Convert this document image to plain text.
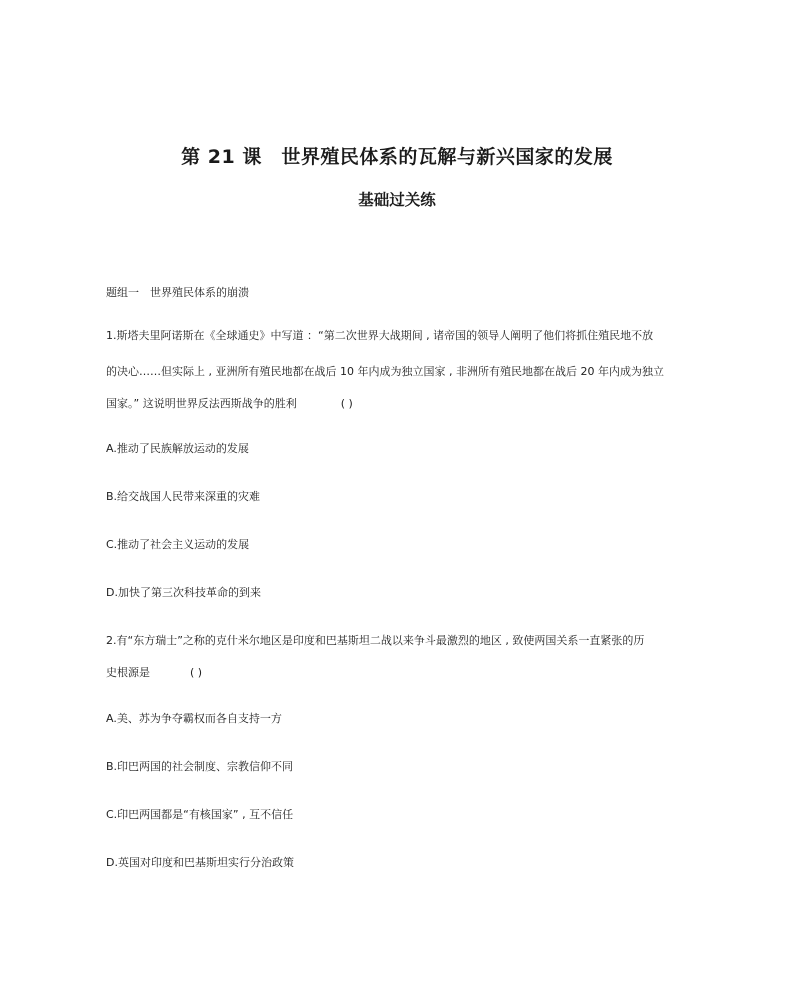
第 21 课　世界殖民体系的瓦解与新兴国家的发展
基础过关练
题组一　世界殖民体系的崩溃
1.斯塔夫里阿诺斯在《全球通史》中写道 ：“第二次世界大战期间 , 诸帝国的领导人阐明了他们将抓住殖民地不放
的决心……但实际上 , 亚洲所有殖民地都在战后 10 年内成为独立国家 , 非洲所有殖民地都在战后 20 年内成为独立
国家。” 这说明世界反法西斯战争的胜利	( )
A.推动了民族解放运动的发展
B.给交战国人民带来深重的灾难
C.推动了社会主义运动的发展
D.加快了第三次科技革命的到来
2.有“东方瑞士”之称的克什米尔地区是印度和巴基斯坦二战以来争斗最激烈的地区 , 致使两国关系一直紧张的历
史根源是	( )
A.美、苏为争夺霸权而各自支持一方
B.印巴两国的社会制度、宗教信仰不同
C.印巴两国都是“有核国家” , 互不信任
D.英国对印度和巴基斯坦实行分治政策
